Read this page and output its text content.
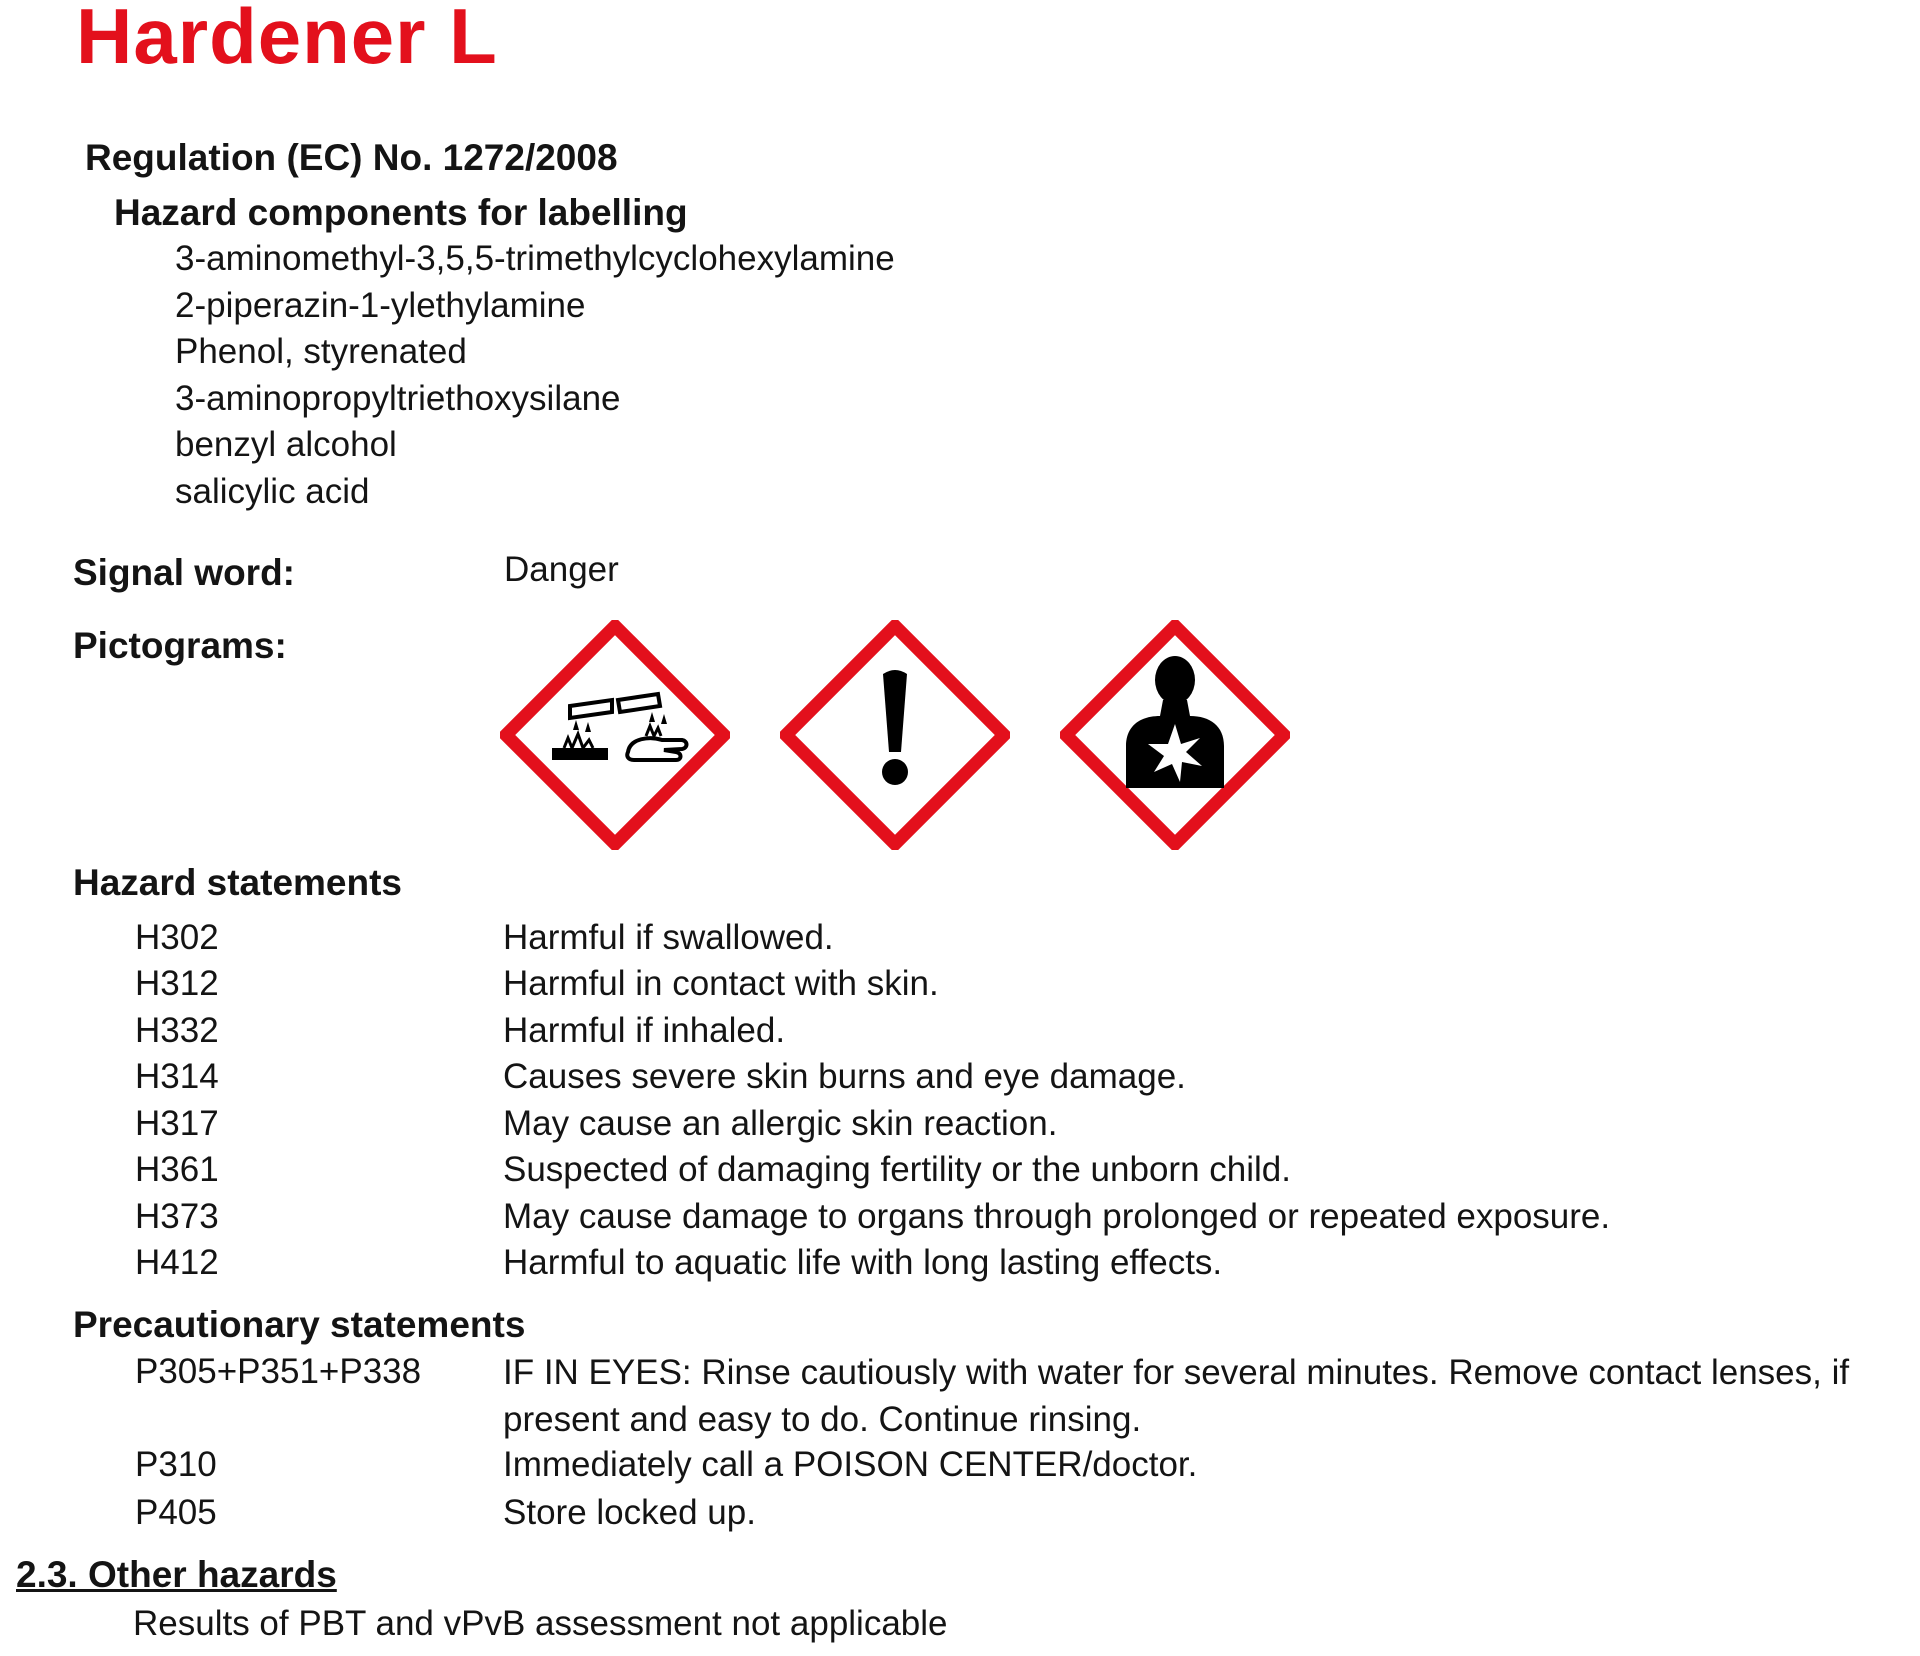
Hardener L
Regulation (EC) No. 1272/2008
Hazard components for labelling
3-aminomethyl-3,5,5-trimethylcyclohexylamine
2-piperazin-1-ylethylamine
Phenol, styrenated
3-aminopropyltriethoxysilane
benzyl alcohol
salicylic acid
Signal word:	Danger
Pictograms:
Hazard statements
H302	Harmful if swallowed.
H312	Harmful in contact with skin.
H332	Harmful if inhaled.
H314	Causes severe skin burns and eye damage.
H317	May cause an allergic skin reaction.
H361	Suspected of damaging fertility or the unborn child.
H373	May cause damage to organs through prolonged or repeated exposure.
H412	Harmful to aquatic life with long lasting effects.
Precautionary statements
P305+P351+P338 IF IN EYES: Rinse cautiously with water for several minutes. Remove contact lenses, if present and easy to do. Continue rinsing.
P310	Immediately call a POISON CENTER/doctor.
P405	Store locked up.
2.3. Other hazards
Results of PBT and vPvB assessment not applicable
